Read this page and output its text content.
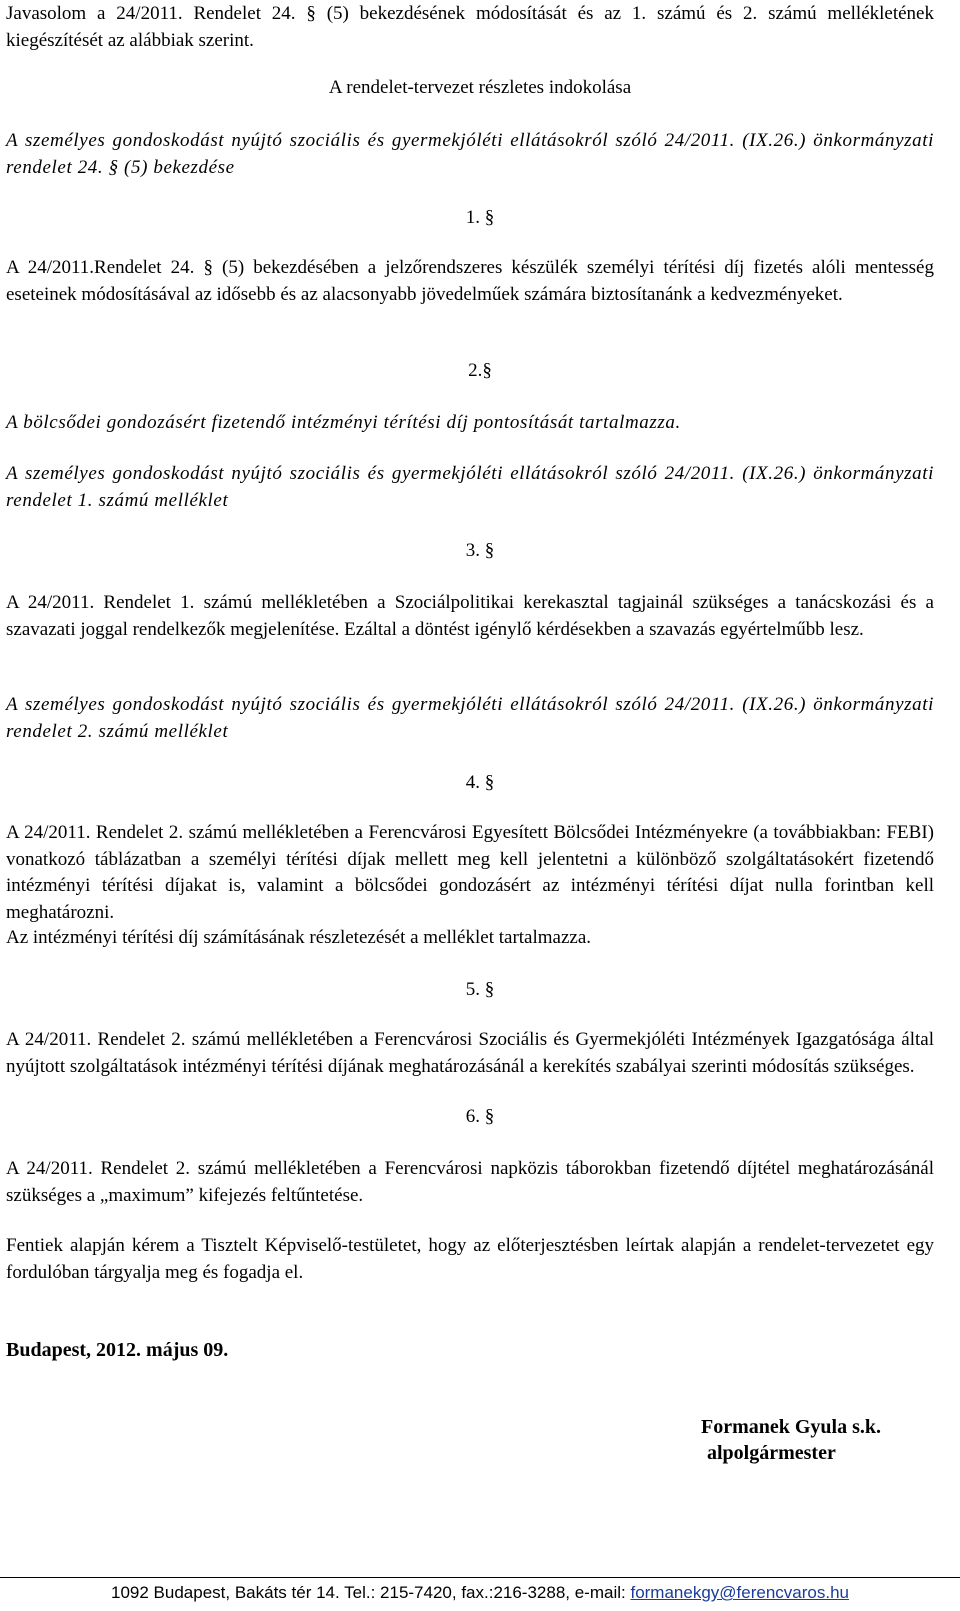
Javasolom a 24/2011. Rendelet 24. § (5) bekezdésének módosítását és az 1. számú és 2. számú mellékletének kiegészítését az alábbiak szerint.

A rendelet-tervezet részletes indokolása

A személyes gondoskodást nyújtó szociális és gyermekjóléti ellátásokról szóló 24/2011. (IX.26.) önkormányzati rendelet 24. § (5) bekezdése

1. §

A 24/2011.Rendelet 24. § (5) bekezdésében a jelzőrendszeres készülék személyi térítési díj fizetés alóli mentesség eseteinek módosításával az idősebb és az alacsonyabb jövedelműek számára biztosítanánk a kedvezményeket.

2.§

A bölcsődei gondozásért fizetendő intézményi térítési díj pontosítását tartalmazza.

A személyes gondoskodást nyújtó szociális és gyermekjóléti ellátásokról szóló 24/2011. (IX.26.) önkormányzati rendelet 1. számú melléklet

3. §

A 24/2011. Rendelet 1. számú mellékletében a Szociálpolitikai kerekasztal tagjainál szükséges a tanácskozási és a szavazati joggal rendelkezők megjelenítése. Ezáltal a döntést igénylő kérdésekben a szavazás egyértelműbb lesz.

A személyes gondoskodást nyújtó szociális és gyermekjóléti ellátásokról szóló 24/2011. (IX.26.) önkormányzati rendelet 2. számú melléklet

4. §

A 24/2011. Rendelet 2. számú mellékletében a Ferencvárosi Egyesített Bölcsődei Intézményekre (a továbbiakban: FEBI) vonatkozó táblázatban a személyi térítési díjak mellett meg kell jelentetni a különböző szolgáltatásokért fizetendő intézményi térítési díjakat is, valamint a bölcsődei gondozásért az intézményi térítési díjat nulla forintban kell meghatározni.

Az intézményi térítési díj számításának részletezését a melléklet tartalmazza.

5. §

A 24/2011. Rendelet 2. számú mellékletében a Ferencvárosi Szociális és Gyermekjóléti Intézmények Igazgatósága által nyújtott szolgáltatások intézményi térítési díjának meghatározásánál a kerekítés szabályai szerinti módosítás szükséges.

6. §

A 24/2011. Rendelet 2. számú mellékletében a Ferencvárosi napközis táborokban fizetendő díjtétel meghatározásánál szükséges a „maximum” kifejezés feltűntetése.

Fentiek alapján kérem a Tisztelt Képviselő-testületet, hogy az előterjesztésben leírtak alapján a rendelet-tervezetet egy fordulóban tárgyalja meg és fogadja el.

Budapest, 2012. május 09.

Formanek Gyula s.k.

alpolgármester

1092 Budapest, Bakáts tér 14. Tel.: 215-7420, fax.:216-3288, e-mail: formanekgy@ferencvaros.hu
